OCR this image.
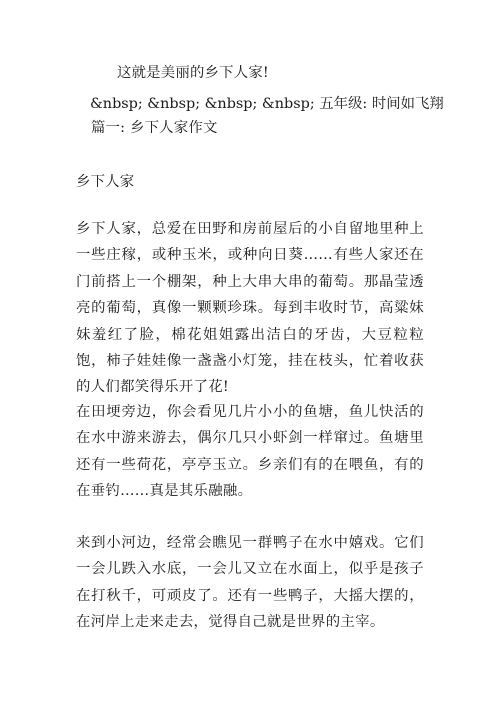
这就是美丽的乡下人家!
&nbsp; &nbsp; &nbsp; &nbsp; 五年级: 时间如飞翔
篇一: 乡下人家作文
乡下人家

乡下人家，总爱在田野和房前屋后的小自留地里种上一些庄稼，或种玉米，或种向日葵……有些人家还在门前搭上一个棚架，种上大串大串的葡萄。那晶莹透亮的葡萄，真像一颗颗珍珠。每到丰收时节，高粱妹妹羞红了脸，棉花姐姐露出洁白的牙齿，大豆粒粒饱，柿子娃娃像一盏盏小灯笼，挂在枝头，忙着收获的人们都笑得乐开了花!

在田埂旁边，你会看见几片小小的鱼塘，鱼儿快活的在水中游来游去，偶尔几只小虾剑一样窜过。鱼塘里还有一些荷花，亭亭玉立。乡亲们有的在喂鱼，有的在垂钓……真是其乐融融。

来到小河边，经常会瞧见一群鸭子在水中嬉戏。它们一会儿跌入水底，一会儿又立在水面上，似乎是孩子在打秋千，可顽皮了。还有一些鸭子，大摇大摆的，在河岸上走来走去，觉得自己就是世界的主宰。
